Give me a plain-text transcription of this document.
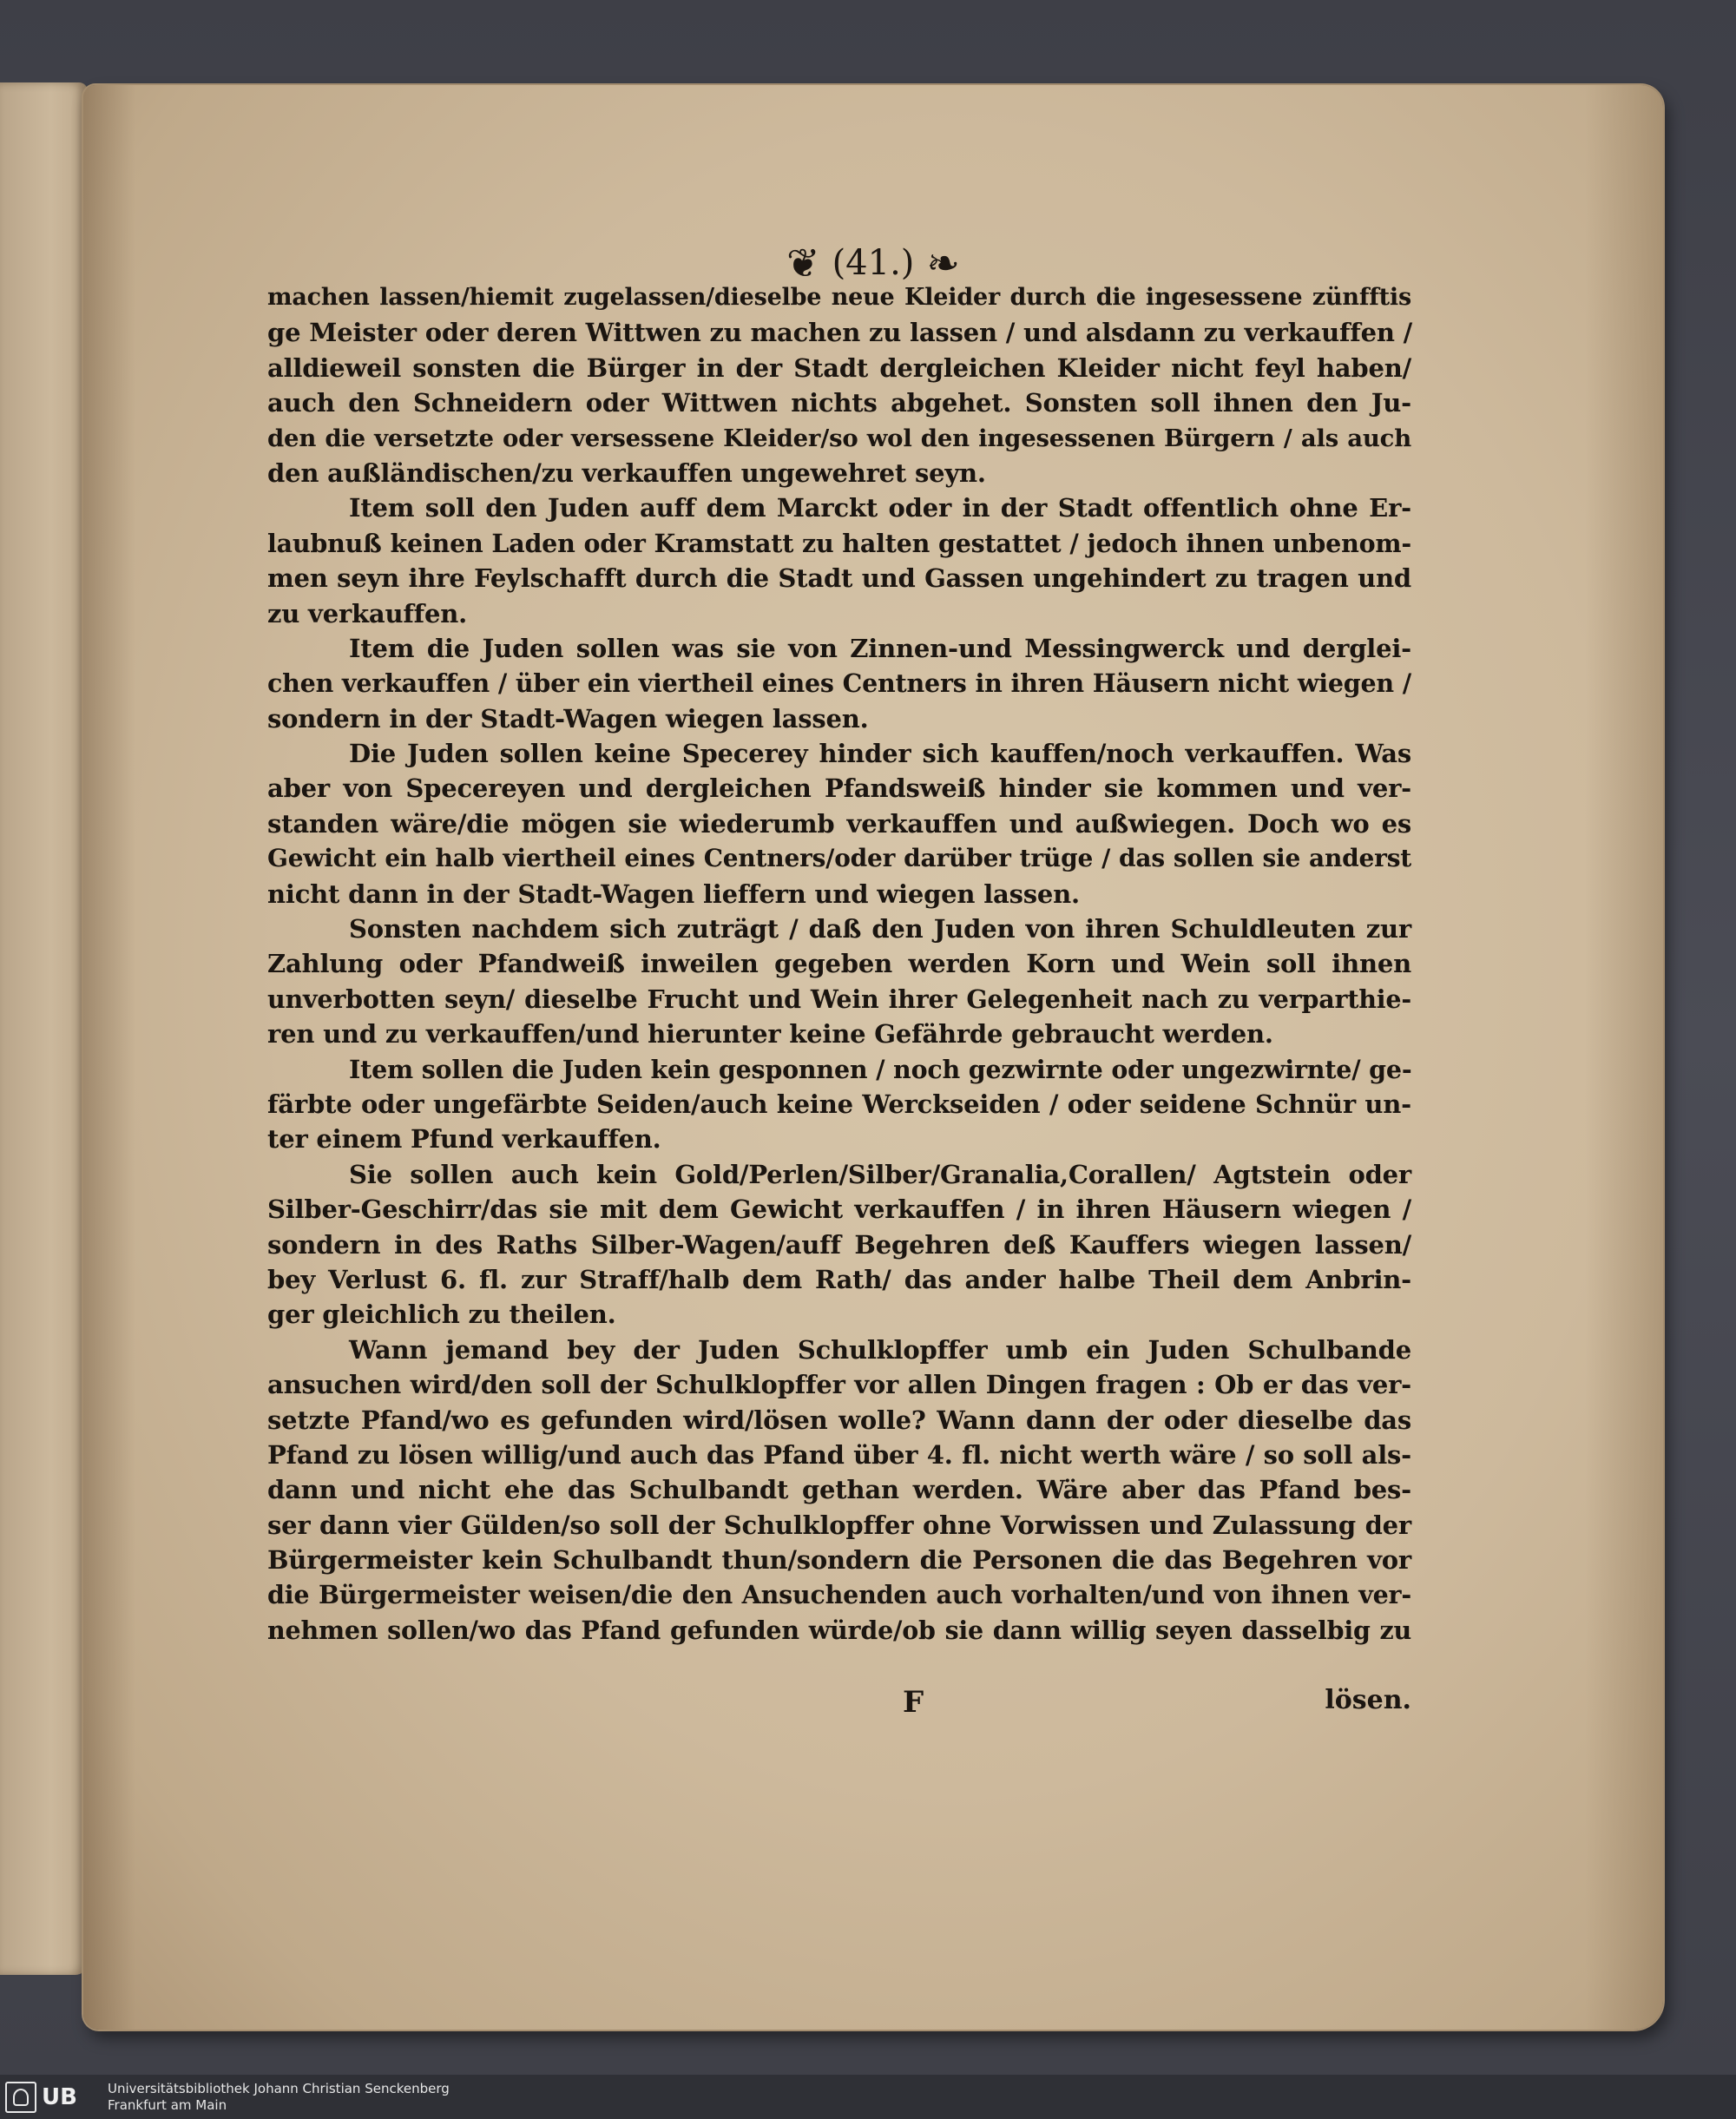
❦ (41.) ❧
machen lassen/hiemit zugelassen/dieselbe neue Kleider durch die ingesessene zünfftis
ge Meister oder deren Wittwen zu machen zu lassen / und alsdann zu verkauffen /
alldieweil sonsten die Bürger in der Stadt dergleichen Kleider nicht feyl haben/
auch den Schneidern oder Wittwen nichts abgehet. Sonsten soll ihnen den Ju-
den die versetzte oder versessene Kleider/so wol den ingesessenen Bürgern / als auch
den außländischen/zu verkauffen ungewehret seyn.
Item soll den Juden auff dem Marckt oder in der Stadt offentlich ohne Er-
laubnuß keinen Laden oder Kramstatt zu halten gestattet / jedoch ihnen unbenom-
men seyn ihre Feylschafft durch die Stadt und Gassen ungehindert zu tragen und
zu verkauffen.
Item die Juden sollen was sie von Zinnen-und Messingwerck und derglei-
chen verkauffen / über ein viertheil eines Centners in ihren Häusern nicht wiegen /
sondern in der Stadt-Wagen wiegen lassen.
Die Juden sollen keine Specerey hinder sich kauffen/noch verkauffen. Was
aber von Specereyen und dergleichen Pfandsweiß hinder sie kommen und ver-
standen wäre/die mögen sie wiederumb verkauffen und außwiegen. Doch wo es
Gewicht ein halb viertheil eines Centners/oder darüber trüge / das sollen sie anderst
nicht dann in der Stadt-Wagen lieffern und wiegen lassen.
Sonsten nachdem sich zuträgt / daß den Juden von ihren Schuldleuten zur
Zahlung oder Pfandweiß inweilen gegeben werden Korn und Wein soll ihnen
unverbotten seyn/ dieselbe Frucht und Wein ihrer Gelegenheit nach zu verparthie-
ren und zu verkauffen/und hierunter keine Gefährde gebraucht werden.
Item sollen die Juden kein gesponnen / noch gezwirnte oder ungezwirnte/ ge-
färbte oder ungefärbte Seiden/auch keine Werckseiden / oder seidene Schnür un-
ter einem Pfund verkauffen.
Sie sollen auch kein Gold/Perlen/Silber/Granalia,Corallen/ Agtstein oder
Silber-Geschirr/das sie mit dem Gewicht verkauffen / in ihren Häusern wiegen /
sondern in des Raths Silber-Wagen/auff Begehren deß Kauffers wiegen lassen/
bey Verlust 6. fl. zur Straff/halb dem Rath/ das ander halbe Theil dem Anbrin-
ger gleichlich zu theilen.
Wann jemand bey der Juden Schulklopffer umb ein Juden Schulbande
ansuchen wird/den soll der Schulklopffer vor allen Dingen fragen : Ob er das ver-
setzte Pfand/wo es gefunden wird/lösen wolle? Wann dann der oder dieselbe das
Pfand zu lösen willig/und auch das Pfand über 4. fl. nicht werth wäre / so soll als-
dann und nicht ehe das Schulbandt gethan werden. Wäre aber das Pfand bes-
ser dann vier Gülden/so soll der Schulklopffer ohne Vorwissen und Zulassung der
Bürgermeister kein Schulbandt thun/sondern die Personen die das Begehren vor
die Bürgermeister weisen/die den Ansuchenden auch vorhalten/und von ihnen ver-
nehmen sollen/wo das Pfand gefunden würde/ob sie dann willig seyen dasselbig zu
F	lösen.
UB Universitätsbibliothek Johann Christian Senckenberg
Frankfurt am Main
